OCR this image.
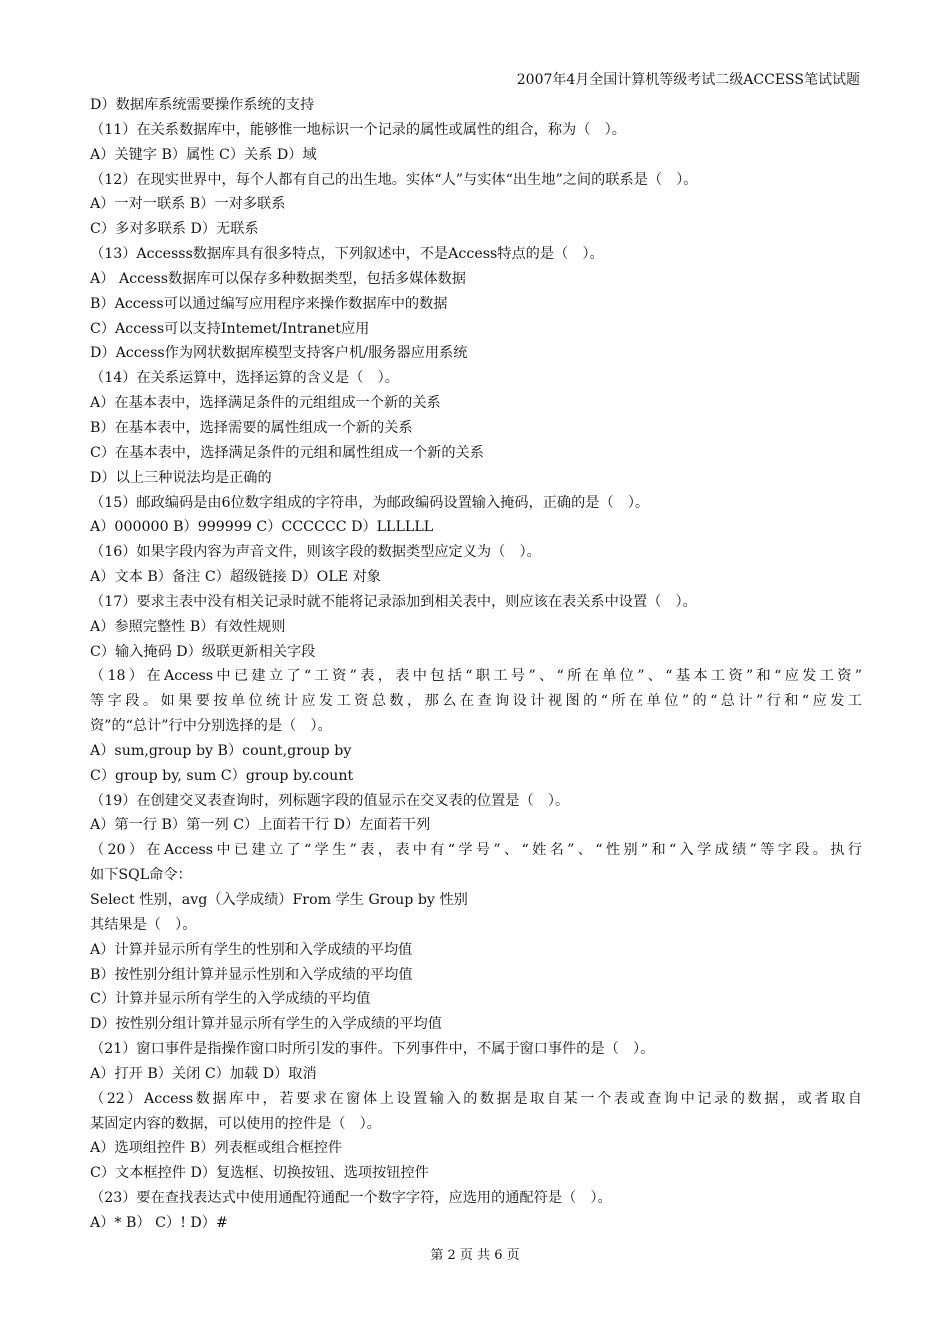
2007年4月全国计算机等级考试二级ACCESS笔试试题
D）数据库系统需要操作系统的支持
（11）在关系数据库中，能够惟一地标识一个记录的属性或属性的组合，称为（　）。
A）关键字 B）属性 C）关系 D）域
（12）在现实世界中，每个人都有自己的出生地。实体“人”与实体“出生地”之间的联系是（　）。
A）一对一联系 B）一对多联系
C）多对多联系 D）无联系
（13）Accesss数据库具有很多特点，下列叙述中，不是Access特点的是（　）。
A） Access数据库可以保存多种数据类型，包括多媒体数据
B）Access可以通过编写应用程序来操作数据库中的数据
C）Access可以支持Intemet/Intranet应用
D）Access作为网状数据库模型支持客户机/服务器应用系统
（14）在关系运算中，选择运算的含义是（　）。
A）在基本表中，选择满足条件的元组组成一个新的关系
B）在基本表中，选择需要的属性组成一个新的关系
C）在基本表中，选择满足条件的元组和属性组成一个新的关系
D）以上三种说法均是正确的
（15）邮政编码是由6位数字组成的字符串，为邮政编码设置输入掩码，正确的是（　）。
A）000000 B）999999 C）CCCCCC D）LLLLLL
（16）如果字段内容为声音文件，则该字段的数据类型应定义为（　）。
A）文本 B）备注 C）超级链接 D）OLE 对象
（17）要求主表中没有相关记录时就不能将记录添加到相关表中，则应该在表关系中设置（　）。
A）参照完整性 B）有效性规则
C）输入掩码 D）级联更新相关字段
（18）在Access中已建立了“工资”表，表中包括“职工号”、“所在单位”、“基本工资”和“应发工资”
等字段。如果要按单位统计应发工资总数，那么在查询设计视图的“所在单位”的“总计”行和“应发工
资”的“总计”行中分别选择的是（　）。
A）sum,group by B）count,group by
C）group by, sum C）group by.count
（19）在创建交叉表查询时，列标题字段的值显示在交叉表的位置是（　）。
A）第一行 B）第一列 C）上面若干行 D）左面若干列
（20）在Access中已建立了“学生”表，表中有“学号”、“姓名”、“性别”和“入学成绩”等字段。执行
如下SQL命令：
Select 性别，avg（入学成绩）From 学生 Group by 性别
其结果是（　）。
A）计算并显示所有学生的性别和入学成绩的平均值
B）按性别分组计算并显示性别和入学成绩的平均值
C）计算并显示所有学生的入学成绩的平均值
D）按性别分组计算并显示所有学生的入学成绩的平均值
（21）窗口事件是指操作窗口时所引发的事件。下列事件中，不属于窗口事件的是（　）。
A）打开 B）关闭 C）加载 D）取消
（22）Access数据库中，若要求在窗体上设置输入的数据是取自某一个表或查询中记录的数据，或者取自
某固定内容的数据，可以使用的控件是（　）。
A）选项组控件 B）列表框或组合框控件
C）文本框控件 D）复选框、切换按钮、选项按钮控件
（23）要在查找表达式中使用通配符通配一个数字字符，应选用的通配符是（　）。
A）* B） C）! D）#
第 2 页 共 6 页
